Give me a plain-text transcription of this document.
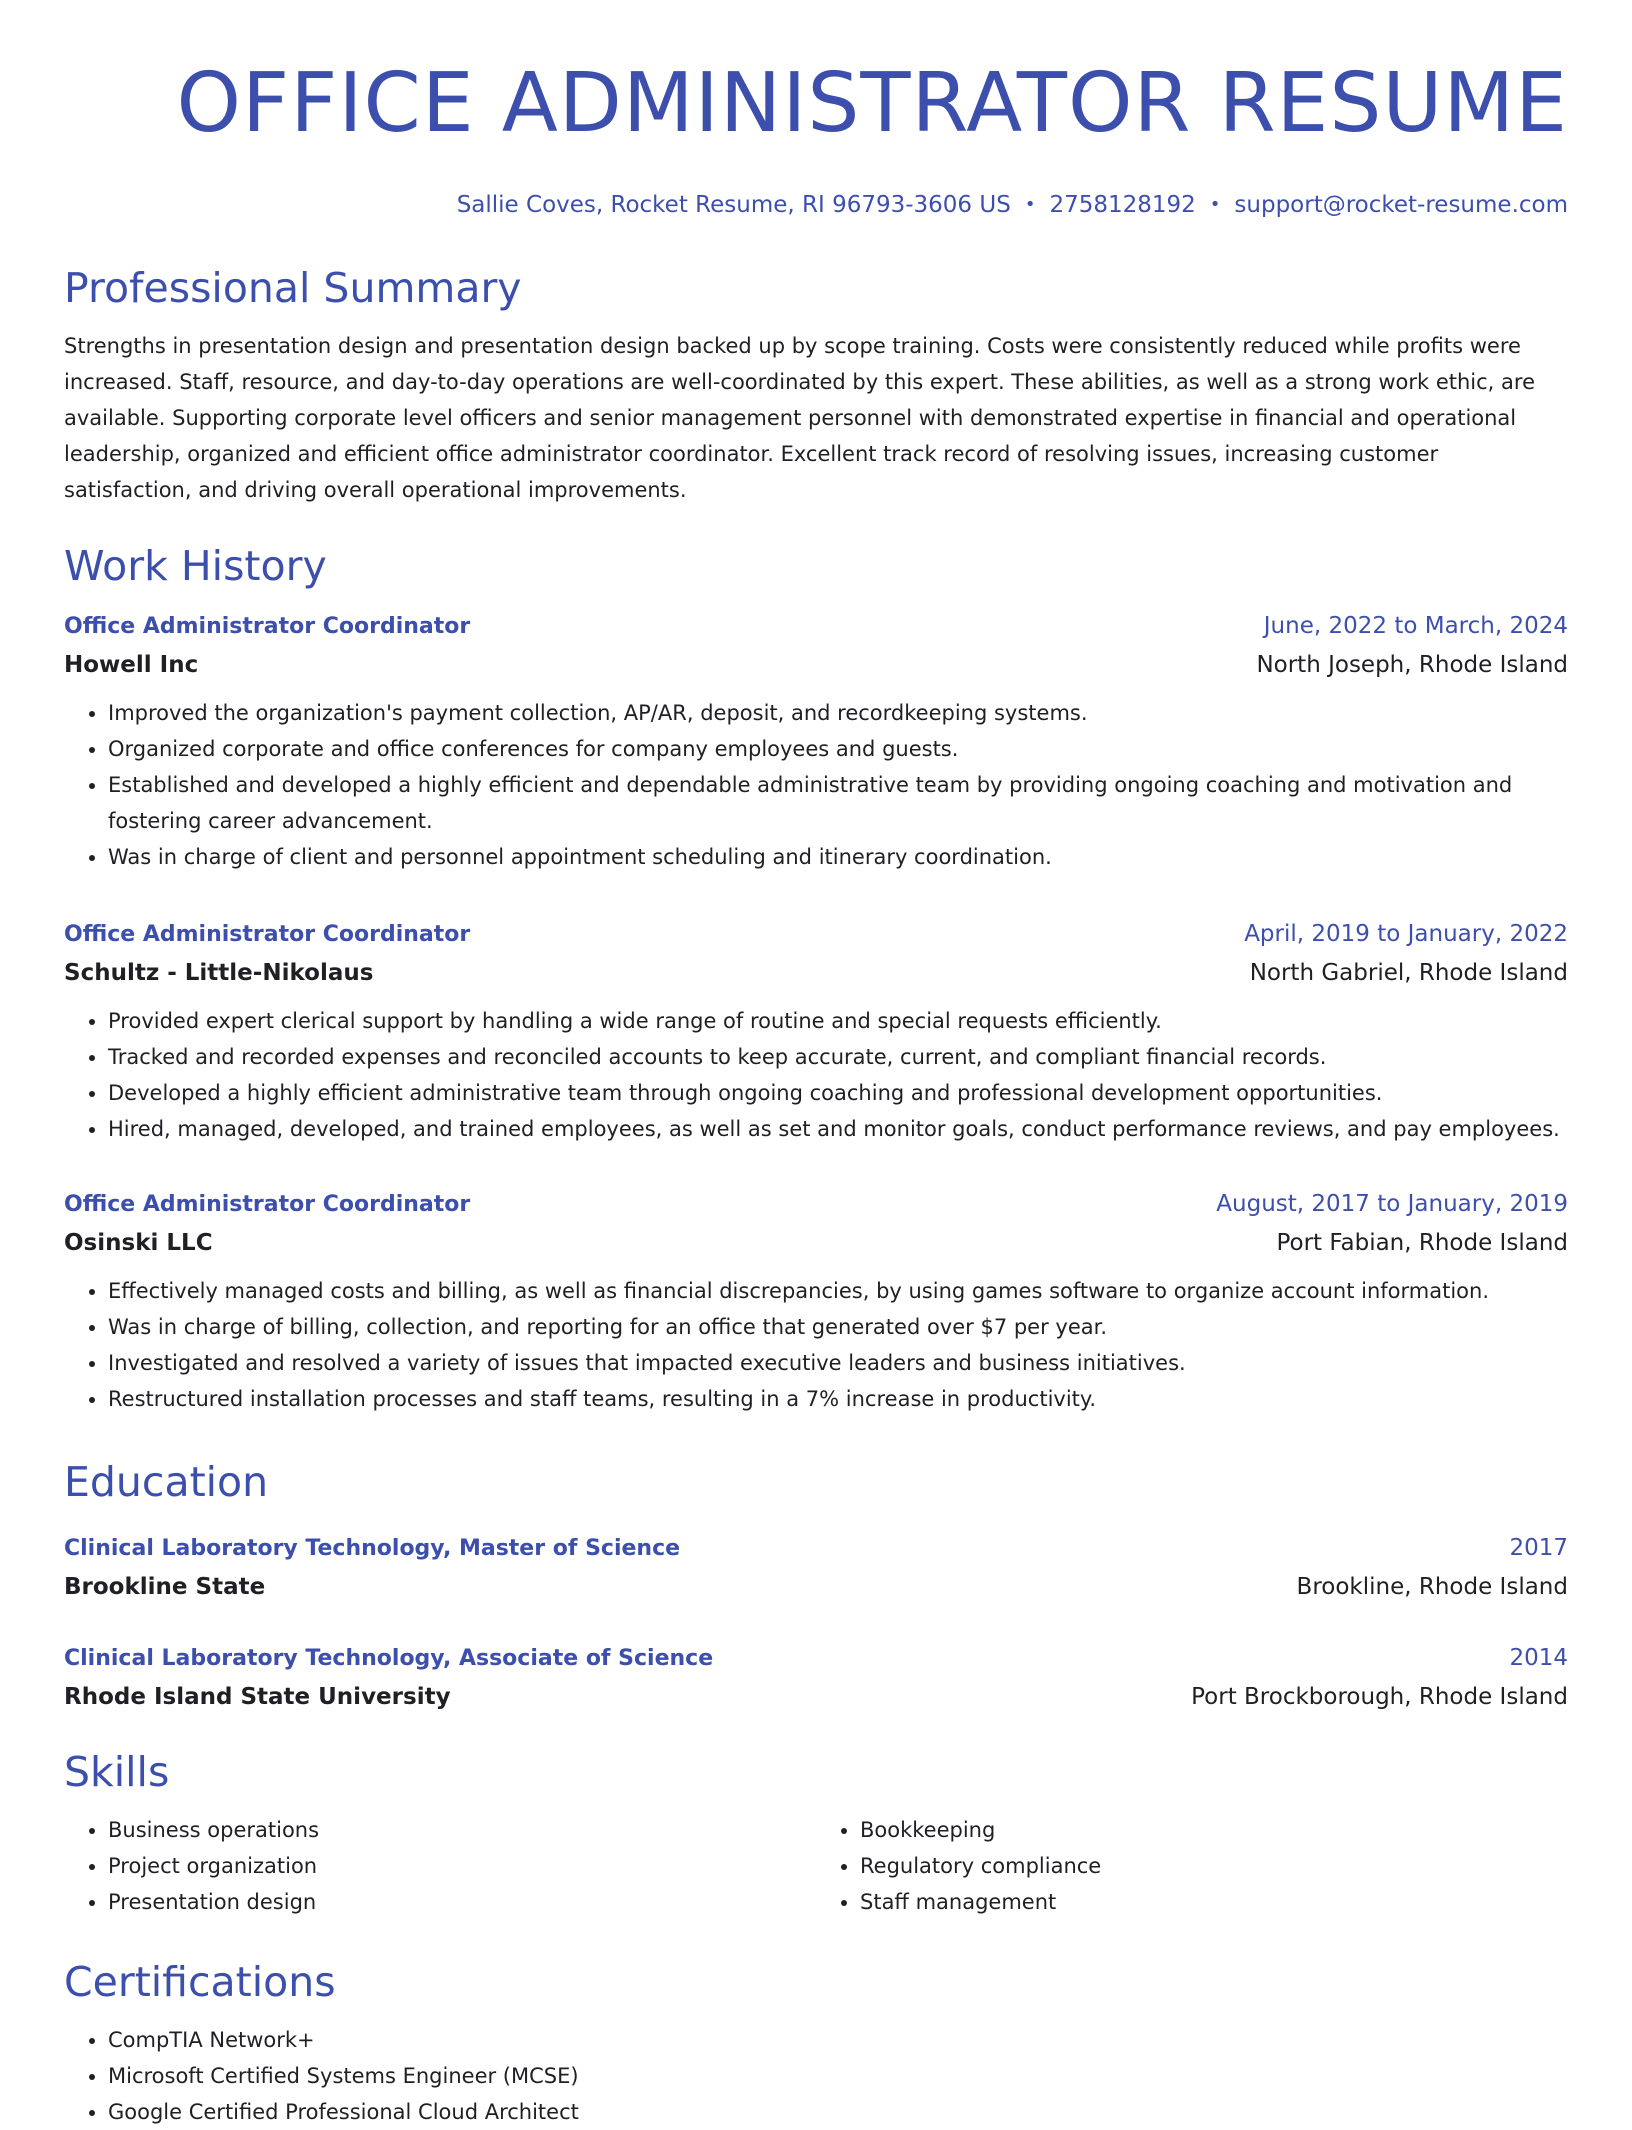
OFFICE ADMINISTRATOR RESUME
Sallie Coves, Rocket Resume, RI 96793-3606 US • 2758128192 • support@rocket-resume.com
Professional Summary

Strengths in presentation design and presentation design backed up by scope training. Costs were consistently reduced while profits were increased. Staff, resource, and day-to-day operations are well-coordinated by this expert. These abilities, as well as a strong work ethic, are available. Supporting corporate level officers and senior management personnel with demonstrated expertise in financial and operational leadership, organized and efficient office administrator coordinator. Excellent track record of resolving issues, increasing customer satisfaction, and driving overall operational improvements.

Work History
Office Administrator Coordinator	June, 2022 to March, 2024
Howell Inc	North Joseph, Rhode Island
• Improved the organization's payment collection, AP/AR, deposit, and recordkeeping systems.
• Organized corporate and office conferences for company employees and guests.
• Established and developed a highly efficient and dependable administrative team by providing ongoing coaching and motivation and fostering career advancement.
• Was in charge of client and personnel appointment scheduling and itinerary coordination.
Office Administrator Coordinator	April, 2019 to January, 2022
Schultz - Little-Nikolaus	North Gabriel, Rhode Island
• Provided expert clerical support by handling a wide range of routine and special requests efficiently.
• Tracked and recorded expenses and reconciled accounts to keep accurate, current, and compliant financial records.
• Developed a highly efficient administrative team through ongoing coaching and professional development opportunities.
• Hired, managed, developed, and trained employees, as well as set and monitor goals, conduct performance reviews, and pay employees.
Office Administrator Coordinator	August, 2017 to January, 2019
Osinski LLC	Port Fabian, Rhode Island
• Effectively managed costs and billing, as well as financial discrepancies, by using games software to organize account information.
• Was in charge of billing, collection, and reporting for an office that generated over $7 per year.
• Investigated and resolved a variety of issues that impacted executive leaders and business initiatives.
• Restructured installation processes and staff teams, resulting in a 7% increase in productivity.
Education
Clinical Laboratory Technology, Master of Science	2017
Brookline State	Brookline, Rhode Island
Clinical Laboratory Technology, Associate of Science	2014
Rhode Island State University	Port Brockborough, Rhode Island
Skills
• Business operations
• Project organization
• Presentation design
• Bookkeeping
• Regulatory compliance
• Staff management
Certifications
• CompTIA Network+
• Microsoft Certified Systems Engineer (MCSE)
• Google Certified Professional Cloud Architect
